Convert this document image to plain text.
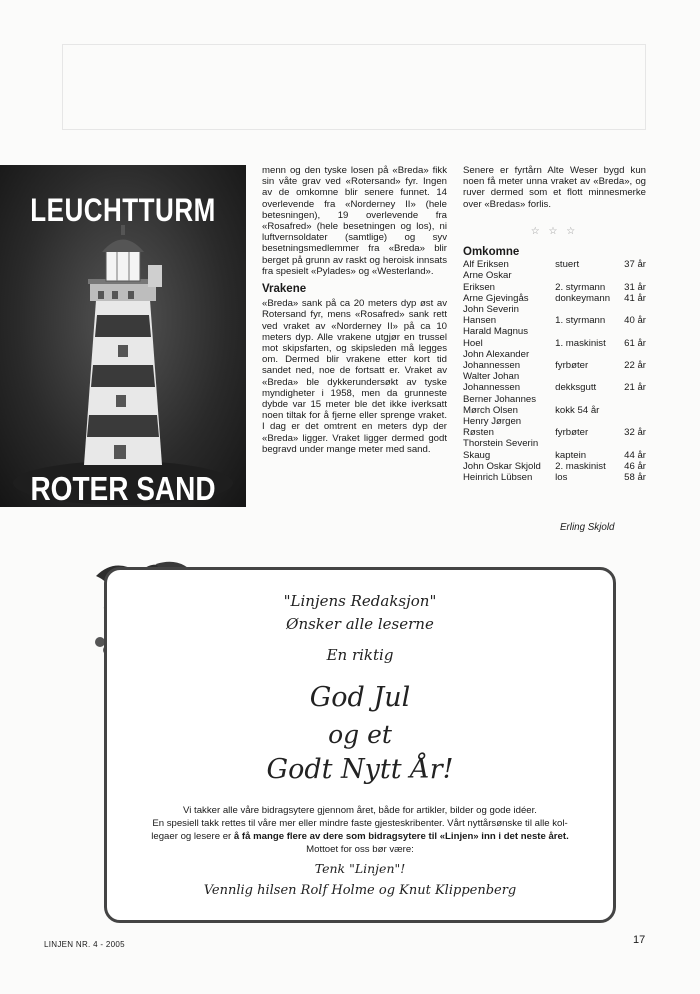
LEUCHTTURM
ROTER SAND

menn og den tyske losen på «Breda» fikk sin våte grav ved «Rotersand» fyr. Ingen av de omkomne blir senere funnet. 14 overlevende fra «Norderney II» (hele betesningen), 19 overlevende fra «Rosafred» (hele besetningen og los), ni luftvernsoldater (samtlige) og syv besetningsmedlemmer fra «Breda» blir berget på grunn av raskt og heroisk innsats fra spesielt «Pylades» og «Westerland».

Vrakene

«Breda» sank på ca 20 meters dyp øst av Rotersand fyr, mens «Rosafred» sank rett ved vraket av «Norderney II» på ca 10 meters dyp. Alle vrakene utgjør en trussel mot skipsfarten, og skipsleden må legges om. Dermed blir vrakene etter kort tid sandet ned, noe de fortsatt er. Vraket av «Breda» ble dykkerundersøkt av tyske myndigheter i 1958, men da grunneste dybde var 15 meter ble det ikke iverksatt noen tiltak for å fjerne eller sprenge vraket. I dag er det omtrent en meters dyp der «Breda» ligger. Vraket ligger dermed godt begravd under mange meter med sand.

Senere er fyrtårn Alte Weser bygd kun noen få meter unna vraket av «Breda», og ruver dermed som et flott minnesmerke over «Bredas» forlis.

☆ ☆ ☆
Omkomne
Alf Eriksen	stuert	37 år
Arne Oskar		
Eriksen	2. styrmann	31 år
Arne Gjevingås	donkeymann	41 år
John Severin		
Hansen	1. styrmann	40 år
Harald Magnus		
Hoel	1. maskinist	61 år
John Alexander		
Johannessen	fyrbøter	22 år
Walter Johan		
Johannessen	dekksgutt	21 år
Berner Johannes		
Mørch Olsen	kokk 54 år	
Henry Jørgen		
Røsten	fyrbøter	32 år
Thorstein Severin		
Skaug	kaptein	44 år
John Oskar Skjold	2. maskinist	46 år
Heinrich Lübsen	los	58 år
Erling Skjold
"Linjens Redaksjon"
Ønsker alle leserne
En riktig
God Jul
og et
Godt Nytt År!
Vi takker alle våre bidragsytere gjennom året, både for artikler, bilder og gode idéer.
En spesiell takk rettes til våre mer eller mindre faste gjesteskribenter. Vårt nyttårsønske til alle kol-
legaer og lesere er å få mange flere av dere som bidragsytere til «Linjen» inn i det neste året.
Mottoet for oss bør være:
Tenk "Linjen"!
Vennlig hilsen Rolf Holme og Knut Klippenberg
LINJEN NR. 4 - 2005	17
